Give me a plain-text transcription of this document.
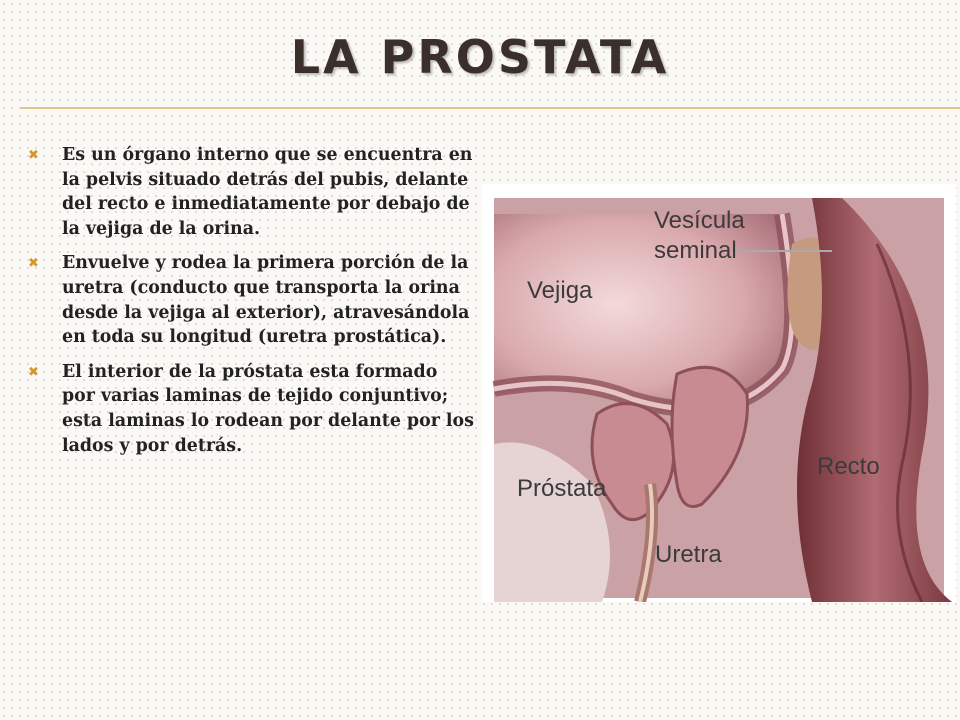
LA PROSTATA
✖ Es un órgano interno que se encuentra en la pelvis situado detrás del pubis, delante del recto e inmediatamente por debajo de la vejiga de la orina.
✖ Envuelve y rodea la primera porción de la uretra (conducto que transporta la orina desde la vejiga al exterior), atravesándola en toda su longitud (uretra prostática).
✖ El interior de la próstata esta formado por varias laminas de tejido conjuntivo; esta laminas lo rodean por delante por los lados y por detrás.
Vesícula
seminal
Vejiga
Próstata
Uretra
Recto
